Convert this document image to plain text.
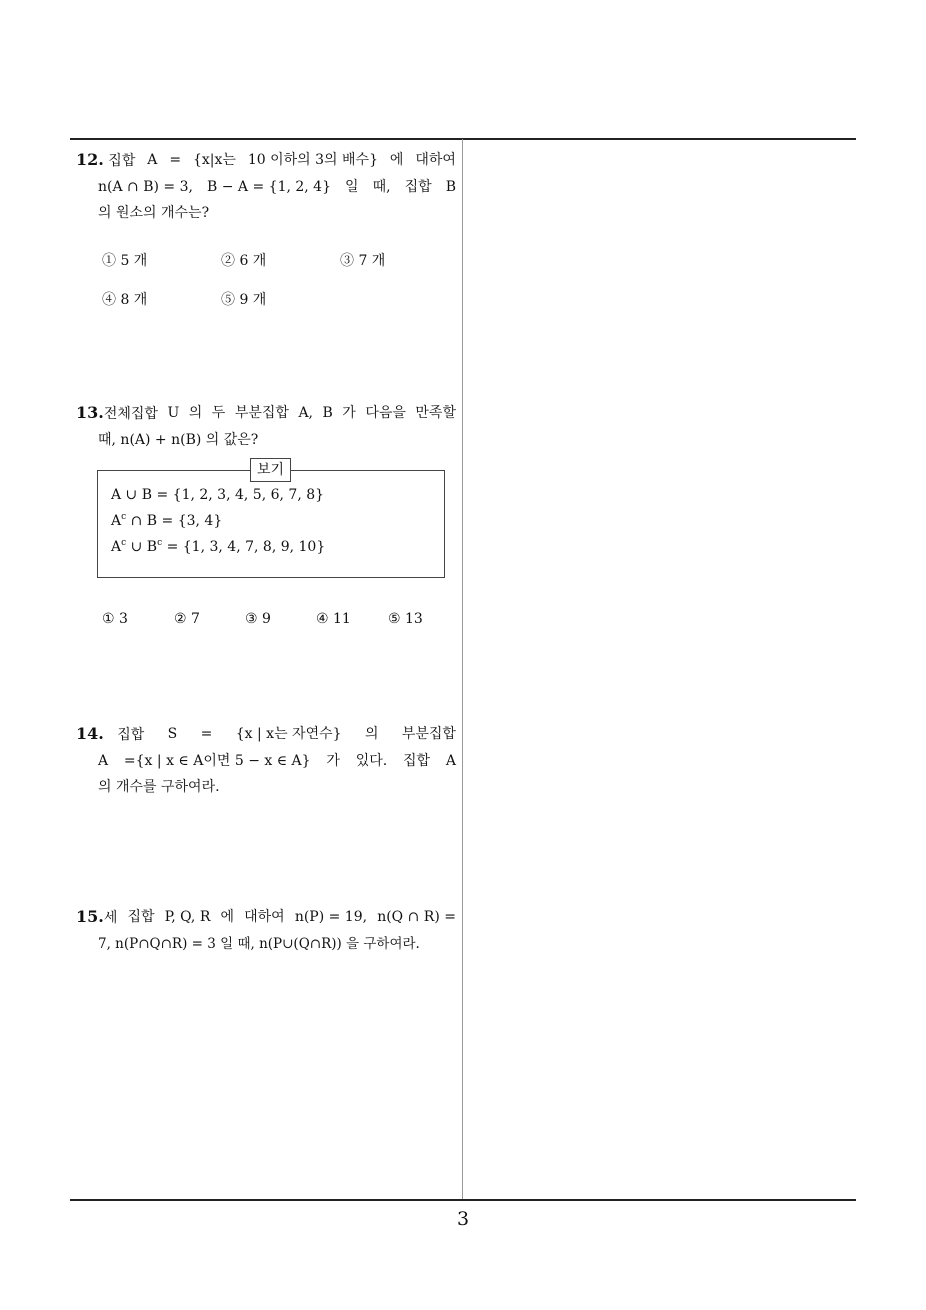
12. 집합 A = {x|x는 10 이하의 3의 배수} 에 대하여
n(A ∩ B) = 3, B − A = {1, 2, 4} 일 때, 집합 B
의 원소의 개수는?
① 5 개	② 6 개	③ 7 개
④ 8 개	⑤ 9 개
13.전체집합 U 의 두 부분집합 A, B 가 다음을 만족할
때, n(A) + n(B) 의 값은?
보기
A ∪ B = {1, 2, 3, 4, 5, 6, 7, 8}
$A^c$ ∩ B = {3, 4}
$A^c$ ∪ $B^c = \{1$, 3, 4, 7, 8, 9, 10}
① 3	② 7	③ 9	④ 11	⑤ 13
14. 집합 S = {x | x는 자연수} 의 부분집합
A ={x | x ∈ A이면 5 − x ∈ A} 가 있다. 집합 A
의 개수를 구하여라.
15.세 집합 P, Q, R 에 대하여 n(P) = 19, n(Q ∩ R) =
7, n(P∩Q∩R) = 3 일 때, n(P∪(Q∩R)) 을 구하여라.
3
